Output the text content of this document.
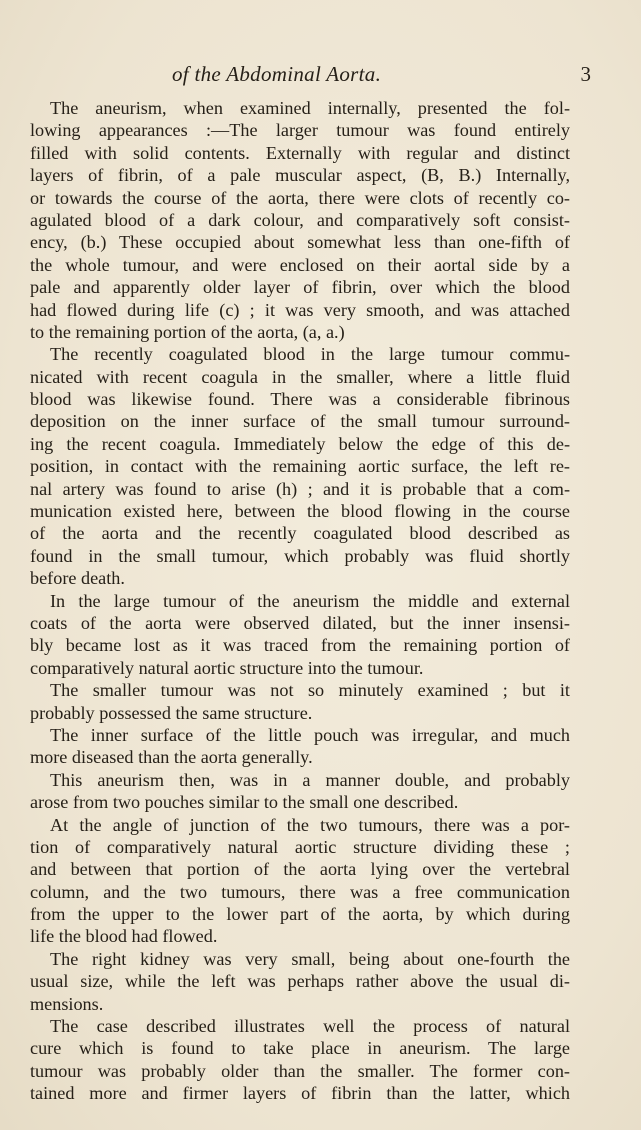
of the Abdominal Aorta.	3
The aneurism, when examined internally, presented the fol-
lowing appearances :—The larger tumour was found entirely
filled with solid contents. Externally with regular and distinct
layers of fibrin, of a pale muscular aspect, (B, B.) Internally,
or towards the course of the aorta, there were clots of recently co-
agulated blood of a dark colour, and comparatively soft consist-
ency, (b.) These occupied about somewhat less than one-fifth of
the whole tumour, and were enclosed on their aortal side by a
pale and apparently older layer of fibrin, over which the blood
had flowed during life (c) ; it was very smooth, and was attached
to the remaining portion of the aorta, (a, a.)
The recently coagulated blood in the large tumour commu-
nicated with recent coagula in the smaller, where a little fluid
blood was likewise found. There was a considerable fibrinous
deposition on the inner surface of the small tumour surround-
ing the recent coagula. Immediately below the edge of this de-
position, in contact with the remaining aortic surface, the left re-
nal artery was found to arise (h) ; and it is probable that a com-
munication existed here, between the blood flowing in the course
of the aorta and the recently coagulated blood described as
found in the small tumour, which probably was fluid shortly
before death.
In the large tumour of the aneurism the middle and external
coats of the aorta were observed dilated, but the inner insensi-
bly became lost as it was traced from the remaining portion of
comparatively natural aortic structure into the tumour.
The smaller tumour was not so minutely examined ; but it
probably possessed the same structure.
The inner surface of the little pouch was irregular, and much
more diseased than the aorta generally.
This aneurism then, was in a manner double, and probably
arose from two pouches similar to the small one described.
At the angle of junction of the two tumours, there was a por-
tion of comparatively natural aortic structure dividing these ;
and between that portion of the aorta lying over the vertebral
column, and the two tumours, there was a free communication
from the upper to the lower part of the aorta, by which during
life the blood had flowed.
The right kidney was very small, being about one-fourth the
usual size, while the left was perhaps rather above the usual di-
mensions.
The case described illustrates well the process of natural
cure which is found to take place in aneurism. The large
tumour was probably older than the smaller. The former con-
tained more and firmer layers of fibrin than the latter, which
